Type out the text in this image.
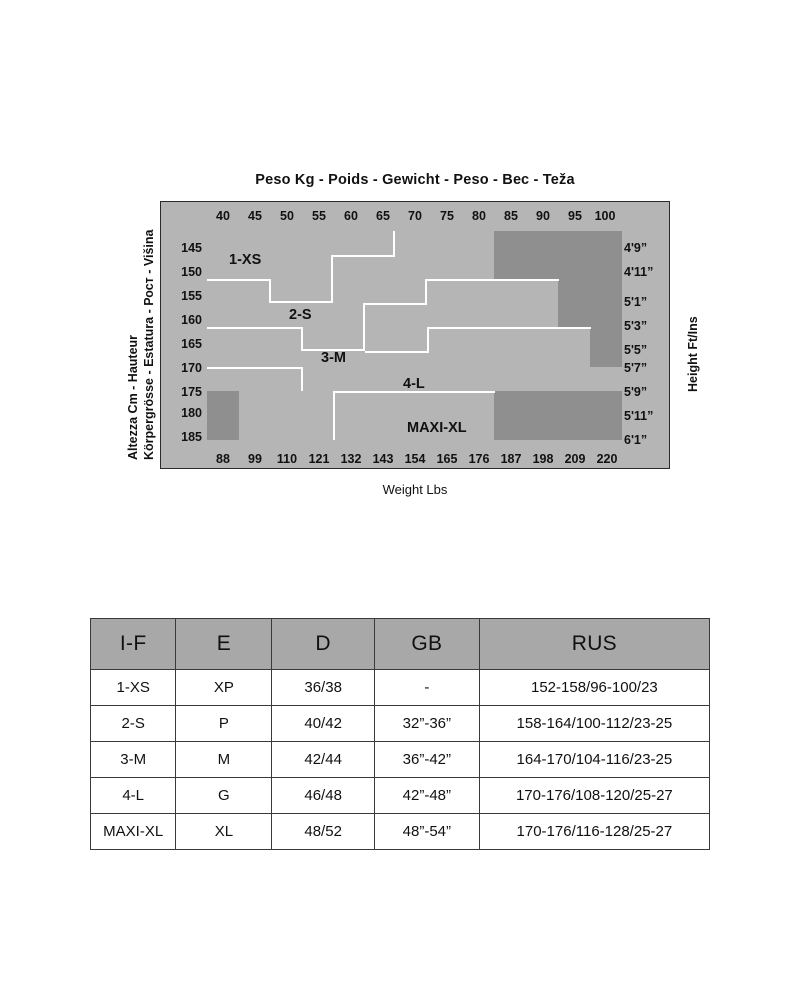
Peso Kg - Poids - Gewicht - Peso - Вес - Teža
Altezza Cm - Hauteur Körpergrösse - Estatura - Рост - Višina	Height Ft/Ins
1-XS
2-S
3-M
4-L
MAXI-XL
40	45	50	55	60	65	70	75	80	85	90	95	100
88	99	110 121 132 143 154 165 176 187 198 209 220
145
150
155
160
165
170
175
180
185
4'9”
4'11”
5'1”
5'3”
5'5”
5'7”
5'9”
5'11”
6'1”
Weight Lbs
I-F	E	D	GB	RUS
1-XS	XP	36/38	-	152-158/96-100/23
2-S	P	40/42	32”-36”	158-164/100-112/23-25
3-M	M	42/44	36”-42”	164-170/104-116/23-25
4-L	G	46/48	42”-48”	170-176/108-120/25-27
MAXI-XL	XL	48/52	48”-54”	170-176/116-128/25-27
